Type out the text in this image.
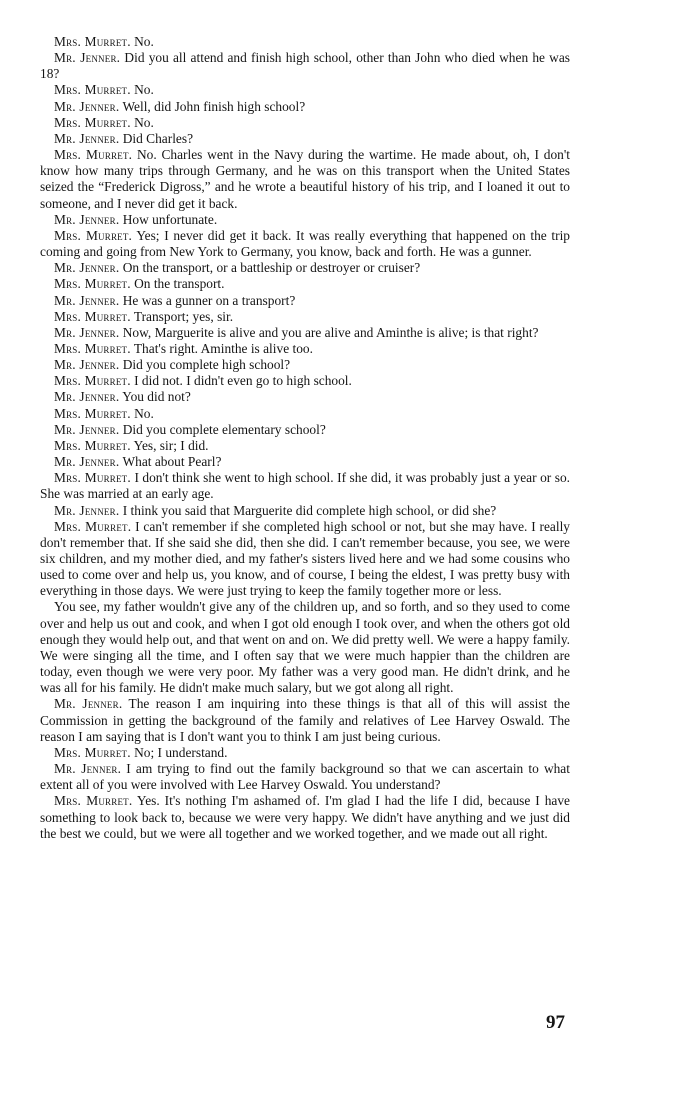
Mrs. Murret. No.

Mr. Jenner. Did you all attend and finish high school, other than John who died when he was 18?

Mrs. Murret. No.

Mr. Jenner. Well, did John finish high school?

Mrs. Murret. No.

Mr. Jenner. Did Charles?

Mrs. Murret. No. Charles went in the Navy during the wartime. He made about, oh, I don't know how many trips through Germany, and he was on this transport when the United States seized the “Frederick Digross,” and he wrote a beautiful history of his trip, and I loaned it out to someone, and I never did get it back.

Mr. Jenner. How unfortunate.

Mrs. Murret. Yes; I never did get it back. It was really everything that happened on the trip coming and going from New York to Germany, you know, back and forth. He was a gunner.

Mr. Jenner. On the transport, or a battleship or destroyer or cruiser?

Mrs. Murret. On the transport.

Mr. Jenner. He was a gunner on a transport?

Mrs. Murret. Transport; yes, sir.

Mr. Jenner. Now, Marguerite is alive and you are alive and Aminthe is alive; is that right?

Mrs. Murret. That's right. Aminthe is alive too.

Mr. Jenner. Did you complete high school?

Mrs. Murret. I did not. I didn't even go to high school.

Mr. Jenner. You did not?

Mrs. Murret. No.

Mr. Jenner. Did you complete elementary school?

Mrs. Murret. Yes, sir; I did.

Mr. Jenner. What about Pearl?

Mrs. Murret. I don't think she went to high school. If she did, it was probably just a year or so. She was married at an early age.

Mr. Jenner. I think you said that Marguerite did complete high school, or did she?

Mrs. Murret. I can't remember if she completed high school or not, but she may have. I really don't remember that. If she said she did, then she did. I can't remember because, you see, we were six children, and my mother died, and my father's sisters lived here and we had some cousins who used to come over and help us, you know, and of course, I being the eldest, I was pretty busy with everything in those days. We were just trying to keep the family together more or less.

You see, my father wouldn't give any of the children up, and so forth, and so they used to come over and help us out and cook, and when I got old enough I took over, and when the others got old enough they would help out, and that went on and on. We did pretty well. We were a happy family. We were singing all the time, and I often say that we were much happier than the children are today, even though we were very poor. My father was a very good man. He didn't drink, and he was all for his family. He didn't make much salary, but we got along all right.

Mr. Jenner. The reason I am inquiring into these things is that all of this will assist the Commission in getting the background of the family and relatives of Lee Harvey Oswald. The reason I am saying that is I don't want you to think I am just being curious.

Mrs. Murret. No; I understand.

Mr. Jenner. I am trying to find out the family background so that we can ascertain to what extent all of you were involved with Lee Harvey Oswald. You understand?

Mrs. Murret. Yes. It's nothing I'm ashamed of. I'm glad I had the life I did, because I have something to look back to, because we were very happy. We didn't have anything and we just did the best we could, but we were all together and we worked together, and we made out all right.

97
